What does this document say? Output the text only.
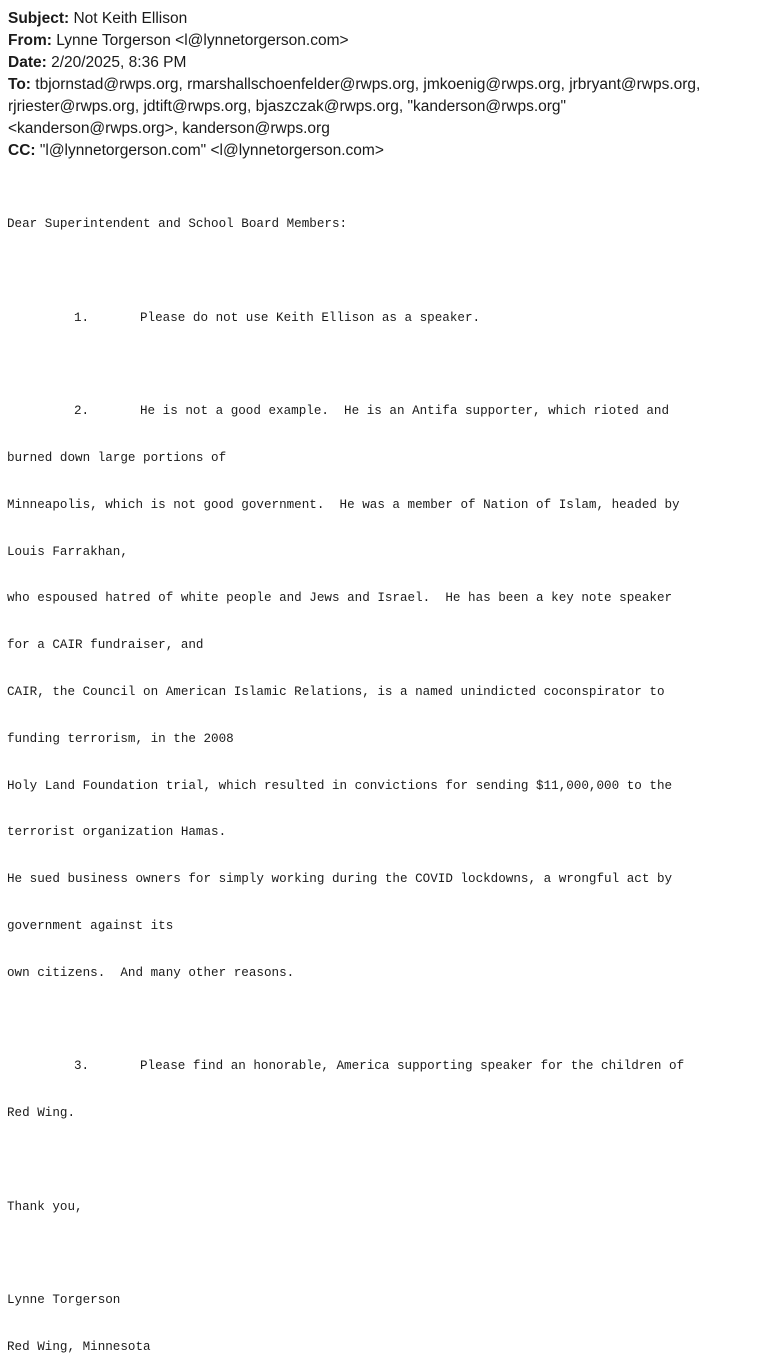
Subject: Not Keith Ellison
From: Lynne Torgerson <l@lynnetorgerson.com>
Date: 2/20/2025, 8:36 PM
To: tbjornstad@rwps.org, rmarshallschoenfelder@rwps.org, jmkoenig@rwps.org, jrbryant@rwps.org,
rjriester@rwps.org, jdtift@rwps.org, bjaszczak@rwps.org, "kanderson@rwps.org"
<kanderson@rwps.org>, kanderson@rwps.org
CC: "l@lynnetorgerson.com" <l@lynnetorgerson.com>

Dear Superintendent and School Board Members:

1.	Please do not use Keith Ellison as a speaker.

2.	He is not a good example.  He is an Antifa supporter, which rioted and

burned down large portions of

Minneapolis, which is not good government.  He was a member of Nation of Islam, headed by

Louis Farrakhan,

who espoused hatred of white people and Jews and Israel.  He has been a key note speaker

for a CAIR fundraiser, and

CAIR, the Council on American Islamic Relations, is a named unindicted coconspirator to

funding terrorism, in the 2008

Holy Land Foundation trial, which resulted in convictions for sending $11,000,000 to the

terrorist organization Hamas.

He sued business owners for simply working during the COVID lockdowns, a wrongful act by

government against its

own citizens.  And many other reasons.

3.	Please find an honorable, America supporting speaker for the children of

Red Wing.

Thank you,

Lynne Torgerson

Red Wing, Minnesota
